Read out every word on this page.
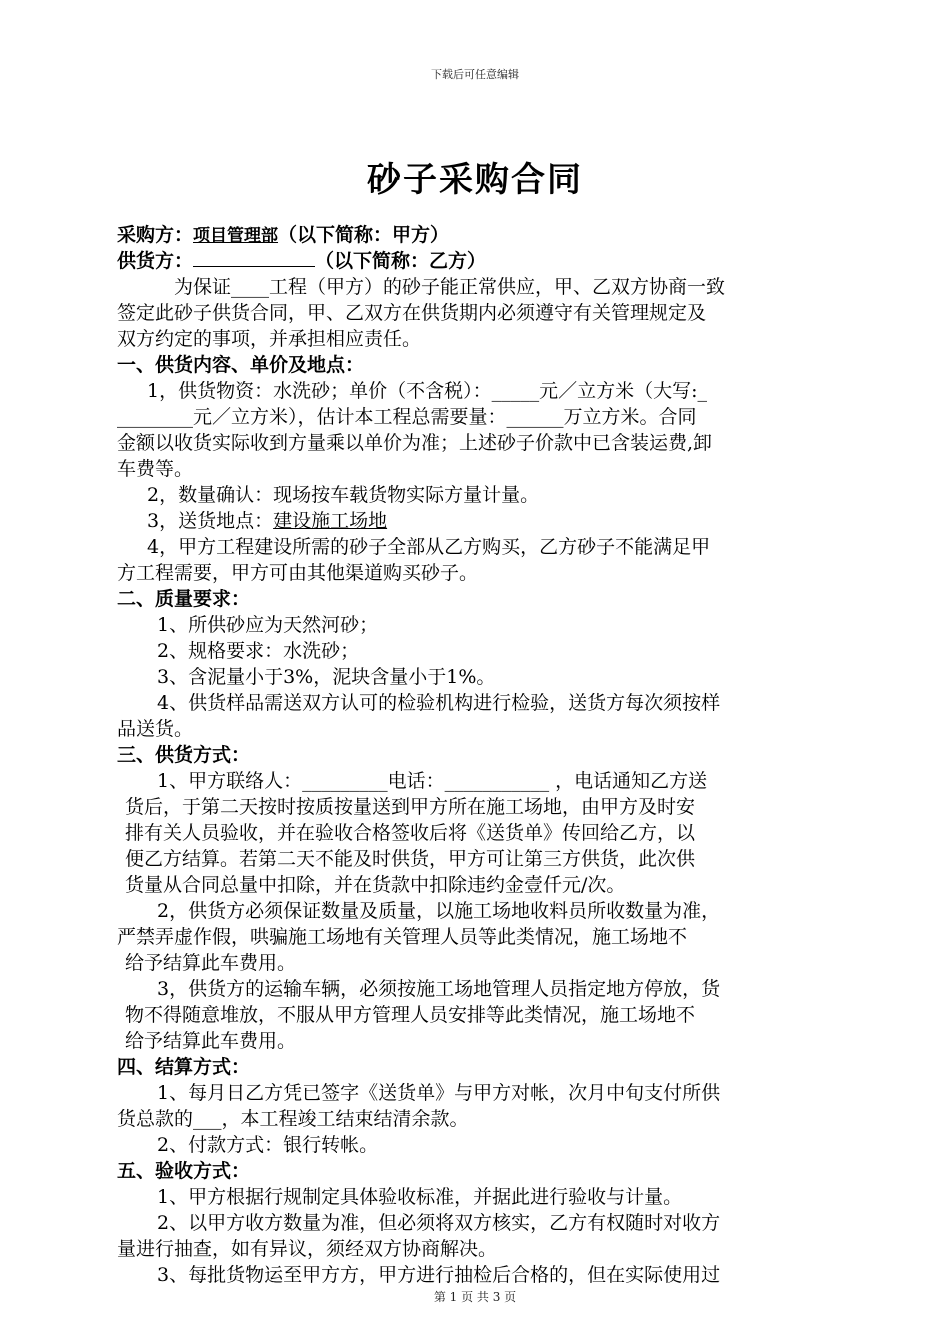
下载后可任意编辑
砂子采购合同
采购方：项目管理部（以下简称：甲方）
供货方：	（以下简称：乙方）
为保证____工程（甲方）的砂子能正常供应，甲、乙双方协商一致
签定此砂子供货合同，甲、乙双方在供货期内必须遵守有关管理规定及
双方约定的事项，并承担相应责任。
一、供货内容、单价及地点：
1，供货物资：水洗砂；单价（不含税）：_____元／立方米（大写:_
________元／立方米），估计本工程总需要量：______万立方米。合同
金额以收货实际收到方量乘以单价为准；上述砂子价款中已含装运费,卸
车费等。
2，数量确认：现场按车载货物实际方量计量。
3，送货地点：建设施工场地
4，甲方工程建设所需的砂子全部从乙方购买，乙方砂子不能满足甲
方工程需要，甲方可由其他渠道购买砂子。
二、质量要求：
1、所供砂应为天然河砂；
2、规格要求：水洗砂；
3、含泥量小于3%，泥块含量小于1%。
4、供货样品需送双方认可的检验机构进行检验，送货方每次须按样
品送货。
三、供货方式：
1、甲方联络人：_________电话：___________ ，电话通知乙方送
货后，于第二天按时按质按量送到甲方所在施工场地，由甲方及时安
排有关人员验收，并在验收合格签收后将《送货单》传回给乙方，以
便乙方结算。若第二天不能及时供货，甲方可让第三方供货，此次供
货量从合同总量中扣除，并在货款中扣除违约金壹仟元/次。
2，供货方必须保证数量及质量，以施工场地收料员所收数量为准，
严禁弄虚作假，哄骗施工场地有关管理人员等此类情况，施工场地不
给予结算此车费用。
3，供货方的运输车辆，必须按施工场地管理人员指定地方停放，货
物不得随意堆放，不服从甲方管理人员安排等此类情况，施工场地不
给予结算此车费用。
四、结算方式：
1、每月日乙方凭已签字《送货单》与甲方对帐，次月中旬支付所供
货总款的___，本工程竣工结束结清余款。
2、付款方式：银行转帐。
五、验收方式：
1、甲方根据行规制定具体验收标准，并据此进行验收与计量。
2、以甲方收方数量为准，但必须将双方核实，乙方有权随时对收方
量进行抽查，如有异议，须经双方协商解决。
3、每批货物运至甲方方，甲方进行抽检后合格的，但在实际使用过
第 1 页 共 3 页
